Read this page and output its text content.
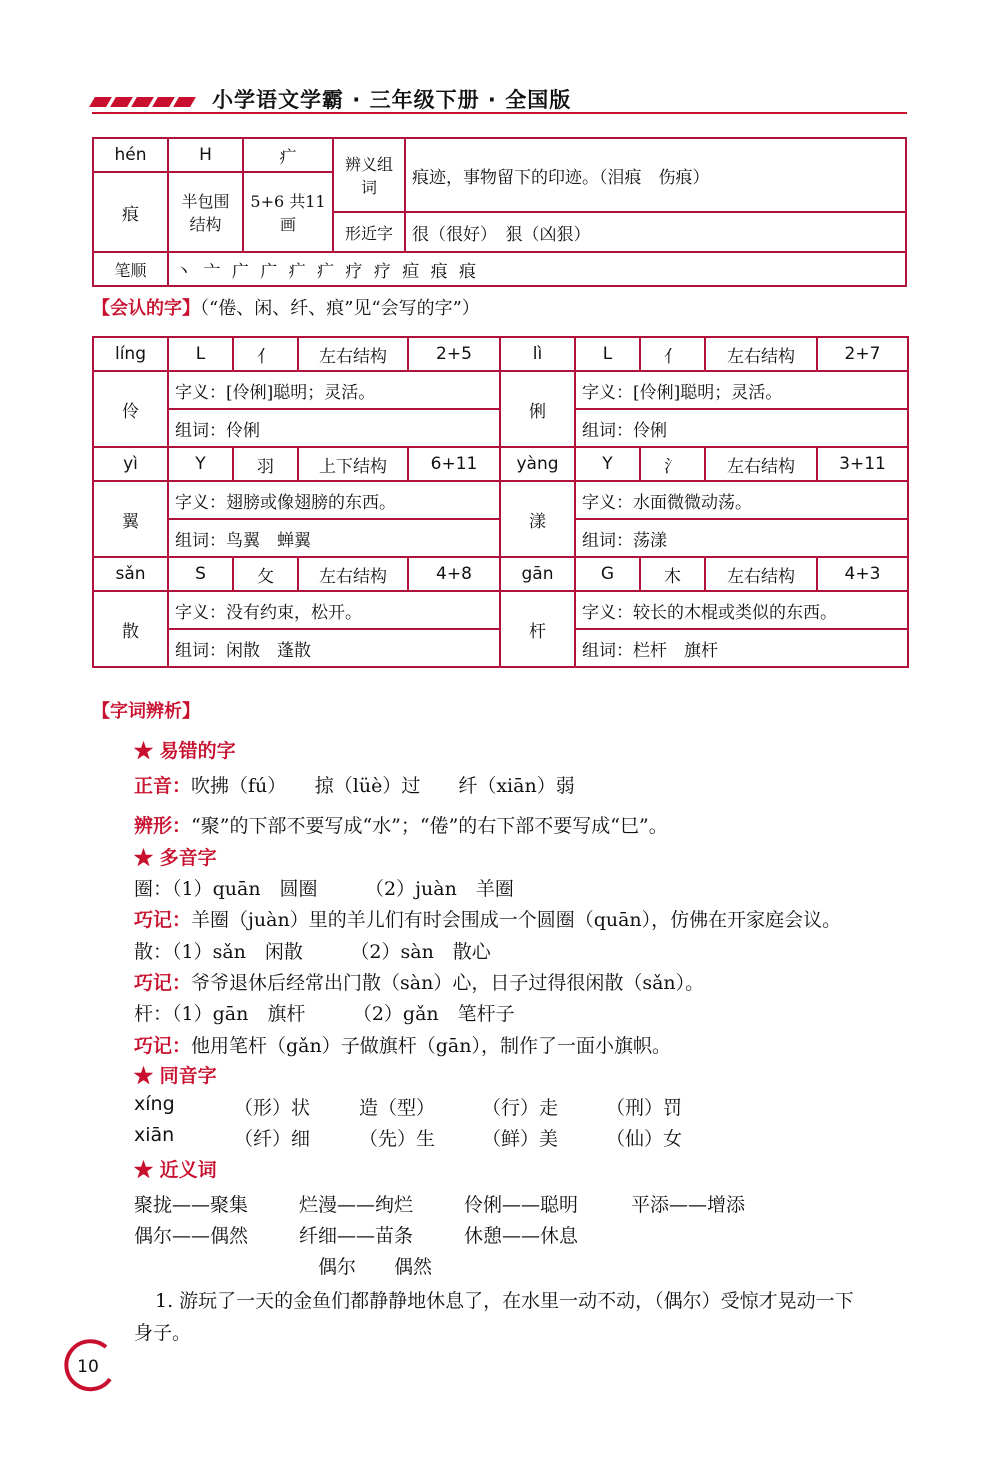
小学语文学霸 · 三年级下册 · 全国版
hén	H	疒	辨义组词	痕迹，事物留下的印迹。（泪痕　伤痕）
痕	半包围结构	5+6 共11画		
			形近字	很（很好）　狠（凶狠）
笔顺	丶 亠 广 广 疒 疒 疗 疗 疸 痕 痕			
【会认的字】（“倦、闲、纤、痕”见“会写的字”）
líng	L	亻	左右结构	2+5	lì	L	亻	左右结构	2+7
伶	字义：[伶俐]聪明；灵活。				俐	字义：[伶俐]聪明；灵活。			
	组词：伶俐					组词：伶俐			
yì	Y	羽	上下结构	6+11	yàng	Y	氵	左右结构	3+11
翼	字义：翅膀或像翅膀的东西。				漾	字义：水面微微动荡。			
	组词：鸟翼　蝉翼					组词：荡漾			
sǎn	S	攵	左右结构	4+8	gān	G	木	左右结构	4+3
散	字义：没有约束，松开。				杆	字义：较长的木棍或类似的东西。			
	组词：闲散　蓬散					组词：栏杆　旗杆			
【字词辨析】
★ 易错的字
正音：吹拂（fú）　　掠（lüè）过　　纤（xiān）弱
辨形：“聚”的下部不要写成“水”；“倦”的右下部不要写成“巳”。
★ 多音字
圈：（1）quān　圆圈　　　（2）juàn　羊圈
巧记：羊圈（juàn）里的羊儿们有时会围成一个圆圈（quān），仿佛在开家庭会议。
散：（1）sǎn　闲散　　　（2）sàn　散心
巧记：爷爷退休后经常出门散（sàn）心，日子过得很闲散（sǎn）。
杆：（1）gān　旗杆　　　（2）gǎn　笔杆子
巧记：他用笔杆（gǎn）子做旗杆（gān），制作了一面小旗帜。
★ 同音字
xíng	（形）状	造（型） （行）走	（刑）罚
xiān	（纤）细	（先）生 （鲜）美	（仙）女
★ 近义词
聚拢——聚集	烂漫——绚烂	伶俐——聪明	平添——增添
偶尔——偶然	纤细——苗条	休憩——休息
偶尔　　偶然
1. 游玩了一天的金鱼们都静静地休息了，在水里一动不动，（偶尔）受惊才晃动一下
身子。
10
